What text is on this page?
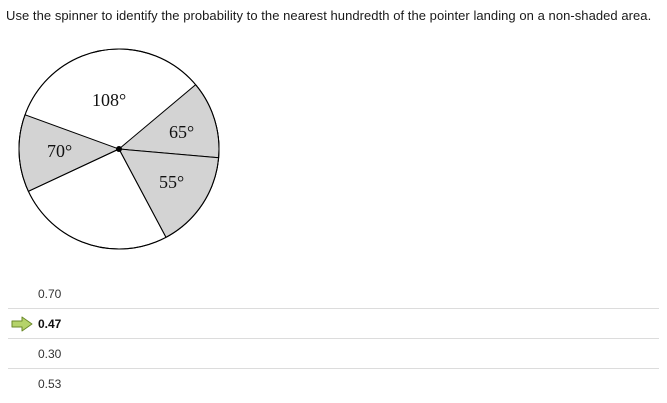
Use the spinner to identify the probability to the nearest hundredth of the pointer landing on a non-shaded area.
108°
65°
55°
70°
0.70
0.47
0.30
0.53
